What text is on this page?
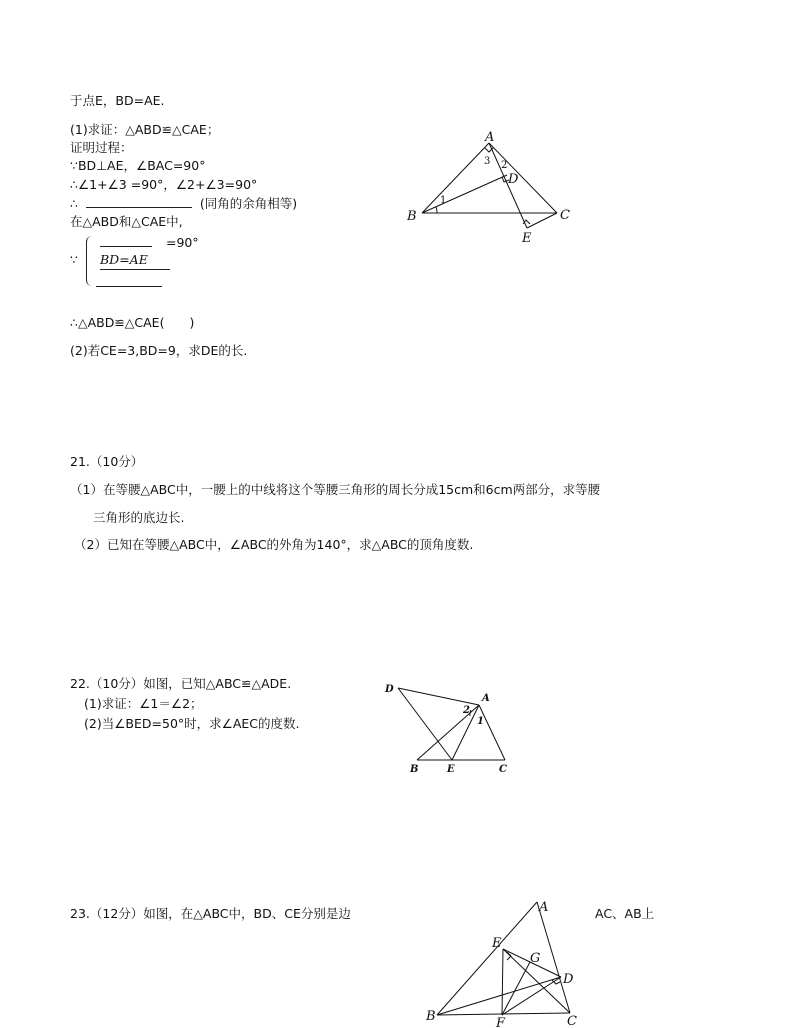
于点E，BD=AE.
(1)求证：△ABD≌△CAE；
证明过程：
∵BD⊥AE，∠BAC=90°
∴∠1+∠3 =90°，∠2+∠3=90°
∴	(同角的余角相等)
在△ABD和△CAE中,
∵
=90°
BD=AE
∴△ABD≌△CAE(　　)
(2)若CE=3,BD=9，求DE的长.
A
B	C
D
E
1
2
3
21.（10分）
（1）在等腰△ABC中，一腰上的中线将这个等腰三角形的周长分成15cm和6cm两部分，求等腰
三角形的底边长.
（2）已知在等腰△ABC中，∠ABC的外角为140°，求△ABC的顶角度数.
22.（10分）如图，已知△ABC≌△ADE.
(1)求证：∠1＝∠2；
(2)当∠BED=50°时，求∠AEC的度数.
A
B	C
D
E
1
2
23.（12分）如图，在△ABC中，BD、CE分别是边	AC、AB上
A
B	C
D
E
F
G
